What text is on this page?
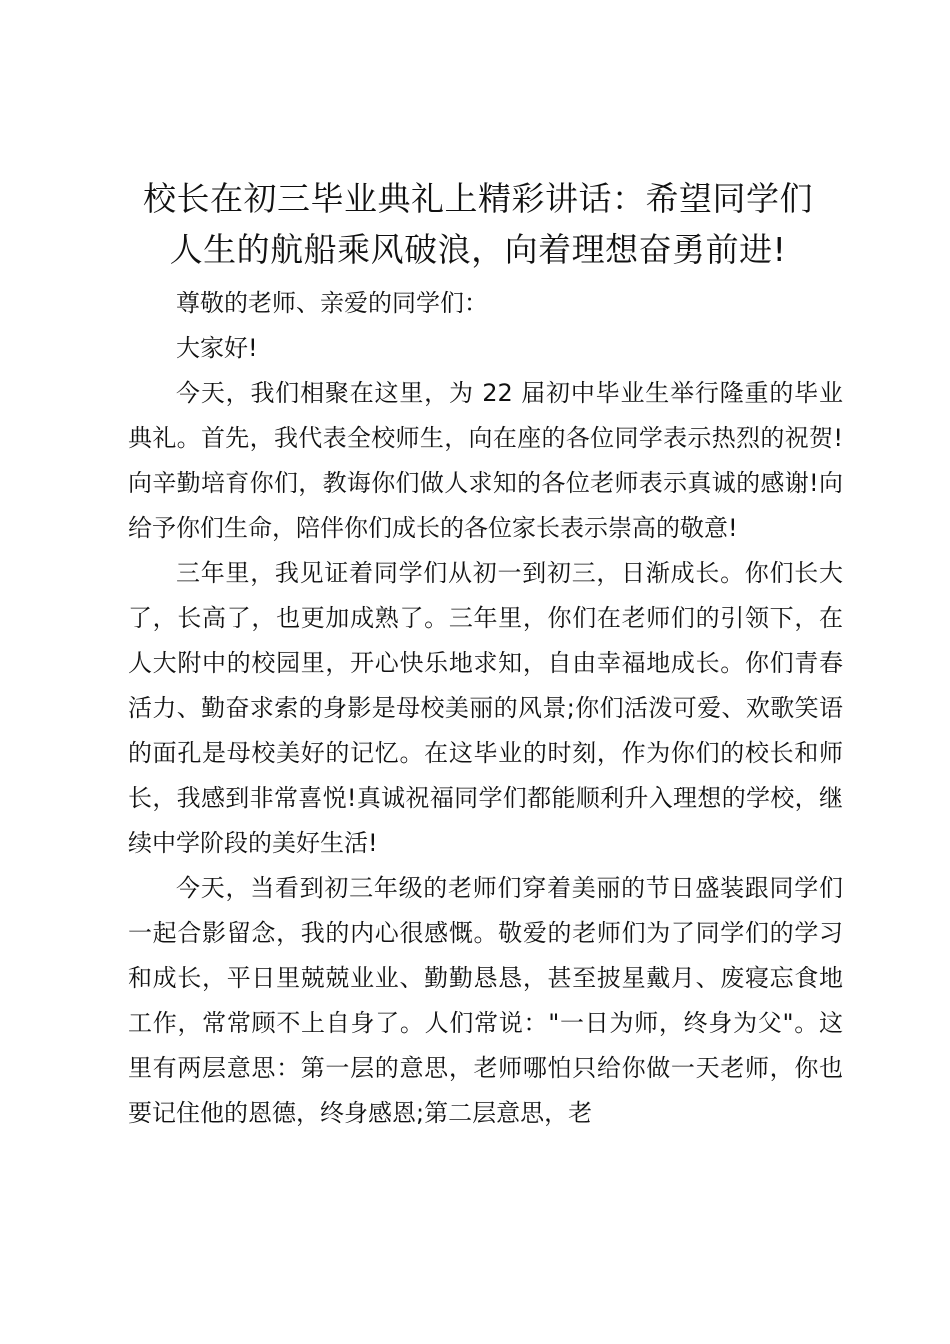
校长在初三毕业典礼上精彩讲话：希望同学们
人生的航船乘风破浪，向着理想奋勇前进!

尊敬的老师、亲爱的同学们：

大家好!

今天，我们相聚在这里，为 22 届初中毕业生举行隆重的毕业典礼。首先，我代表全校师生，向在座的各位同学表示热烈的祝贺!向辛勤培育你们，教诲你们做人求知的各位老师表示真诚的感谢!向给予你们生命，陪伴你们成长的各位家长表示崇高的敬意!

三年里，我见证着同学们从初一到初三，日渐成长。你们长大了，长高了，也更加成熟了。三年里，你们在老师们的引领下，在人大附中的校园里，开心快乐地求知，自由幸福地成长。你们青春活力、勤奋求索的身影是母校美丽的风景;你们活泼可爱、欢歌笑语的面孔是母校美好的记忆。在这毕业的时刻，作为你们的校长和师长，我感到非常喜悦!真诚祝福同学们都能顺利升入理想的学校，继续中学阶段的美好生活!

今天，当看到初三年级的老师们穿着美丽的节日盛装跟同学们一起合影留念，我的内心很感慨。敬爱的老师们为了同学们的学习和成长，平日里兢兢业业、勤勤恳恳，甚至披星戴月、废寝忘食地工作，常常顾不上自身了。人们常说："一日为师，终身为父"。这里有两层意思：第一层的意思，老师哪怕只给你做一天老师，你也要记住他的恩德，终身感恩;第二层意思，老
